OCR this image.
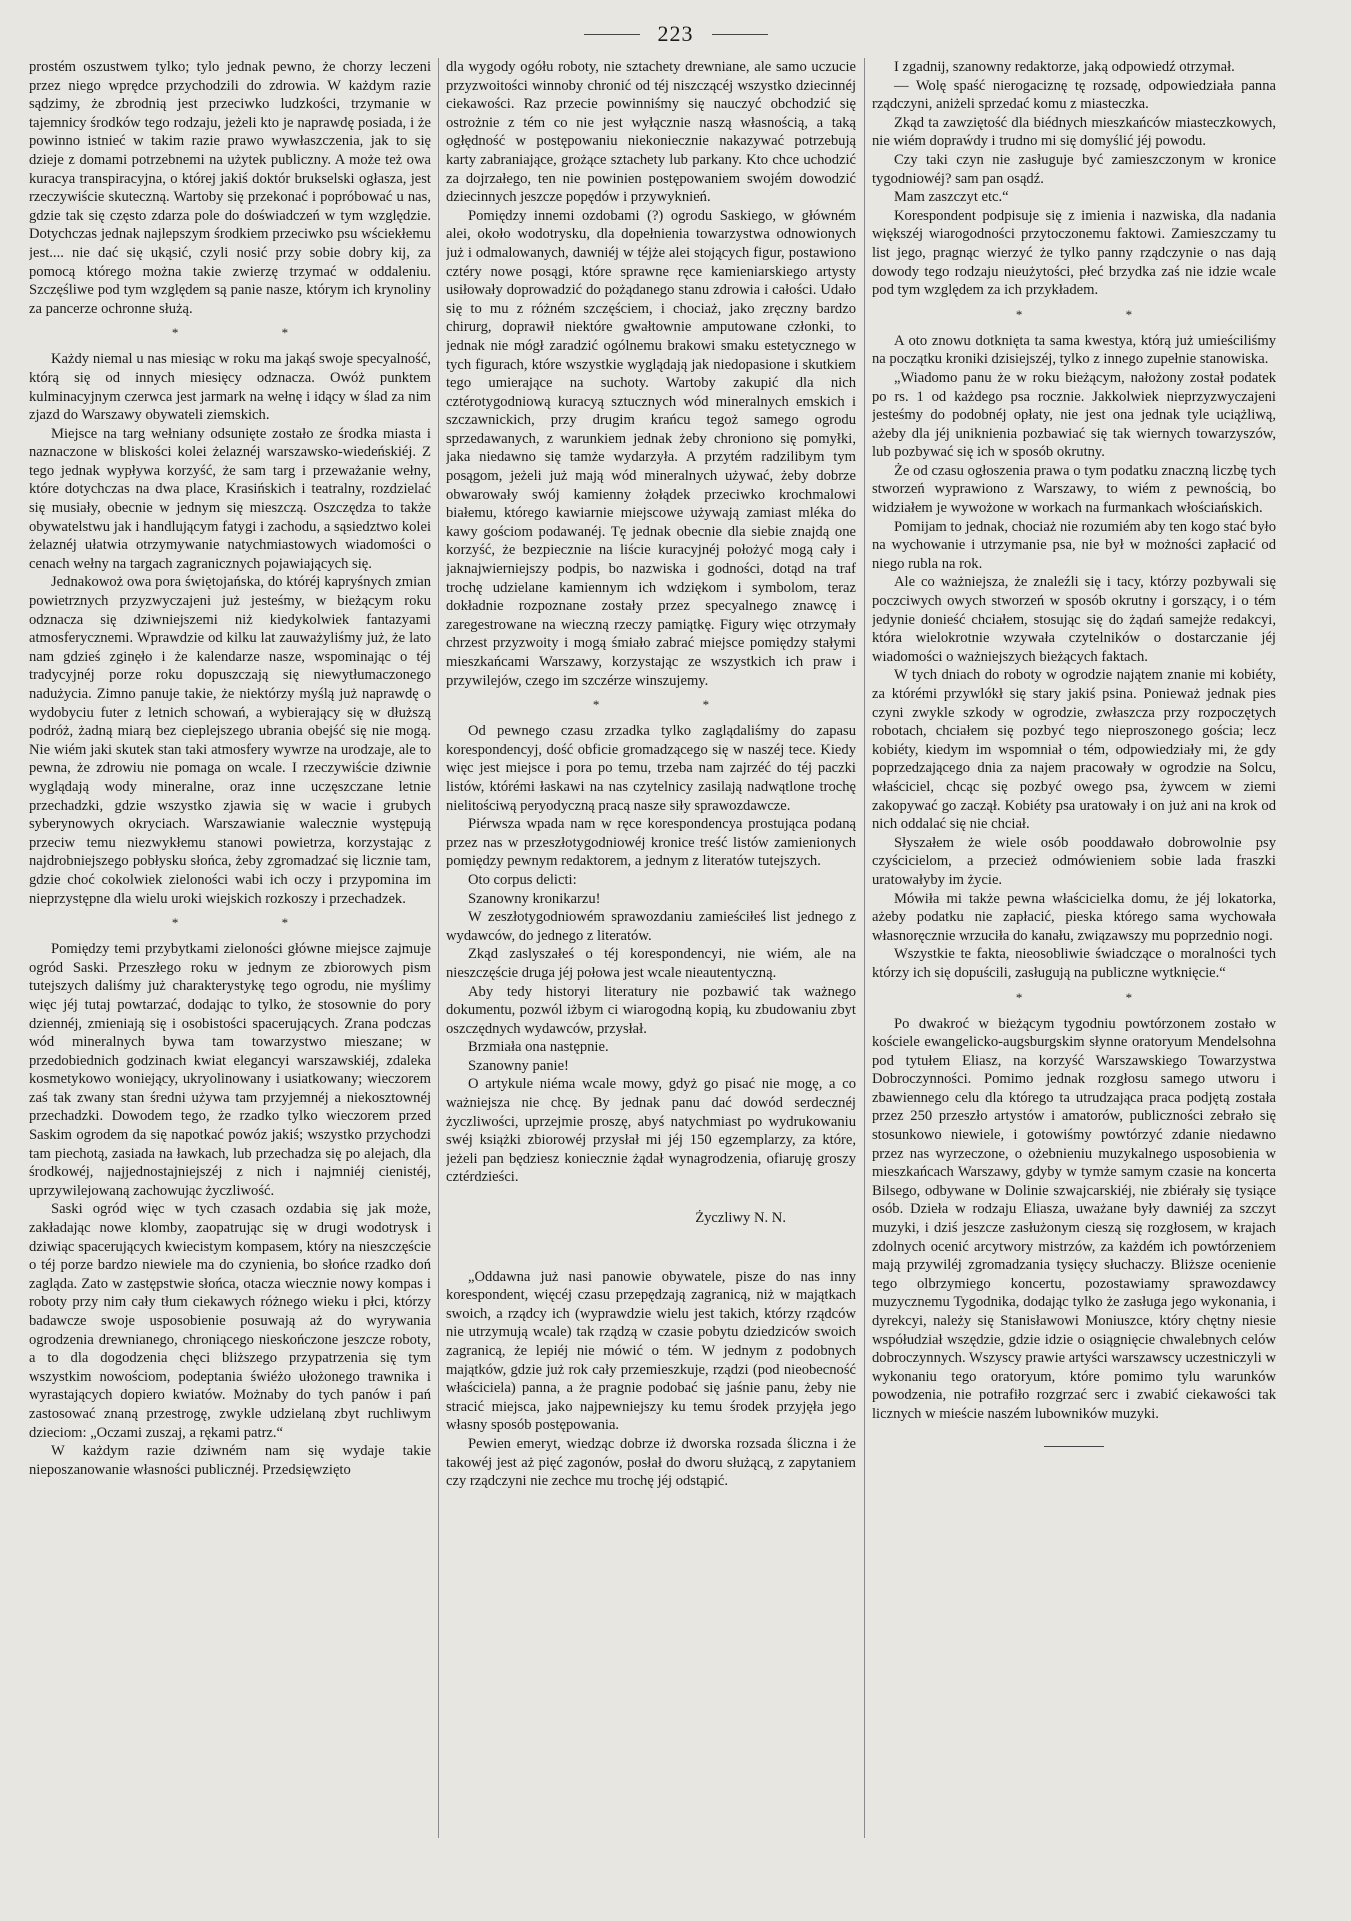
223

prostém oszustwem tylko; tylo jednak pewno, że chorzy leczeni przez niego wprędce przychodzili do zdrowia. W każdym razie sądzimy, że zbrodnią jest przeciwko ludzkości, trzymanie w tajemnicy środków tego rodzaju, jeżeli kto je naprawdę posiada, i że powinno istnieć w takim razie prawo wywłaszczenia, jak to się dzieje z domami potrzebnemi na użytek publiczny. A może też owa kuracya transpiracyjna, o której jakiś doktór brukselski ogłasza, jest rzeczywiście skuteczną. Wartoby się przekonać i popróbować u nas, gdzie tak się często zdarza pole do doświadczeń w tym względzie. Dotychczas jednak najlepszym środkiem przeciwko psu wściekłemu jest.... nie dać się ukąsić, czyli nosić przy sobie dobry kij, za pomocą którego można takie zwierzę trzymać w oddaleniu. Szczęśliwe pod tym względem są panie nasze, którym ich krynoliny za pancerze ochronne służą.

* *

Każdy niemal u nas miesiąc w roku ma jakąś swoje specyalność, którą się od innych miesięcy odznacza. Owóż punktem kulminacyjnym czerwca jest jarmark na wełnę i idący w ślad za nim zjazd do Warszawy obywateli ziemskich.

Miejsce na targ wełniany odsunięte zostało ze środka miasta i naznaczone w bliskości kolei żelaznéj warszawsko-wiedeńskiéj. Z tego jednak wypływa korzyść, że sam targ i przeważanie wełny, które dotychczas na dwa place, Krasińskich i teatralny, rozdzielać się musiały, obecnie w jednym się mieszczą. Oszczędza to także obywatelstwu jak i handlującym fatygi i zachodu, a sąsiedztwo kolei żelaznéj ułatwia otrzymywanie natychmiastowych wiadomości o cenach wełny na targach zagranicznych pojawiających się.

Jednakowoż owa pora świętojańska, do któréj kapryśnych zmian powietrznych przyzwyczajeni już jesteśmy, w bieżącym roku odznacza się dziwniejszemi niż kiedykolwiek fantazyami atmosferycznemi. Wprawdzie od kilku lat zauważyliśmy już, że lato nam gdzieś zginęło i że kalendarze nasze, wspominając o téj tradycyjnéj porze roku dopuszczają się niewytłumaczonego nadużycia. Zimno panuje takie, że niektórzy myślą już naprawdę o wydobyciu futer z letnich schowań, a wybierający się w dłuższą podróż, żadną miarą bez cieplejszego ubrania obejść się nie mogą. Nie wiém jaki skutek stan taki atmosfery wywrze na urodzaje, ale to pewna, że zdrowiu nie pomaga on wcale. I rzeczywiście dziwnie wyglądają wody mineralne, oraz inne uczęszczane letnie przechadzki, gdzie wszystko zjawia się w wacie i grubych syberynowych okryciach. Warszawianie walecznie występują przeciw temu niezwykłemu stanowi powietrza, korzystając z najdrobniejszego pobłysku słońca, żeby zgromadzać się licznie tam, gdzie choć cokolwiek zieloności wabi ich oczy i przypomina im nieprzystępne dla wielu uroki wiejskich rozkoszy i przechadzek.

* *

Pomiędzy temi przybytkami zieloności główne miejsce zajmuje ogród Saski. Przeszłego roku w jednym ze zbiorowych pism tutejszych daliśmy już charakterystykę tego ogrodu, nie myślimy więc jéj tutaj powtarzać, dodając to tylko, że stosownie do pory dziennéj, zmieniają się i osobistości spacerujących. Zrana podczas wód mineralnych bywa tam towarzystwo mieszane; w przedobiednich godzinach kwiat elegancyi warszawskiéj, zdaleka kosmetykowo woniejący, ukryolinowany i usiatkowany; wieczorem zaś tak zwany stan średni używa tam przyjemnéj a niekosztownéj przechadzki. Dowodem tego, że rzadko tylko wieczorem przed Saskim ogrodem da się napotkać powóz jakiś; wszystko przychodzi tam piechotą, zasiada na ławkach, lub przechadza się po alejach, dla środkowéj, najjednostajniejszéj z nich i najmniéj cienistéj, uprzywilejowaną zachowując życzliwość.

Saski ogród więc w tych czasach ozdabia się jak może, zakładając nowe klomby, zaopatrując się w drugi wodotrysk i dziwiąc spacerujących kwiecistym kompasem, który na nieszczęście o téj porze bardzo niewiele ma do czynienia, bo słońce rzadko doń zagląda. Zato w zastępstwie słońca, otacza wiecznie nowy kompas i roboty przy nim cały tłum ciekawych różnego wieku i płci, którzy badawcze swoje usposobienie posuwają aż do wyrywania ogrodzenia drewnianego, chroniącego nieskończone jeszcze roboty, a to dla dogodzenia chęci bliższego przypatrzenia się tym wszystkim nowościom, podeptania świéżo ułożonego trawnika i wyrastających dopiero kwiatów. Możnaby do tych panów i pań zastosować znaną przestrogę, zwykle udzielaną zbyt ruchliwym dzieciom: „Oczami zuszaj, a rękami patrz.“

W każdym razie dziwném nam się wydaje takie nieposzanowanie własności publicznéj. Przedsięwzięto

dla wygody ogółu roboty, nie sztachety drewniane, ale samo uczucie przyzwoitości winnoby chronić od téj niszczącéj wszystko dziecinnéj ciekawości. Raz przecie powinniśmy się nauczyć obchodzić się ostrożnie z tém co nie jest wyłącznie naszą własnością, a taką ogłędność w postępowaniu niekoniecznie nakazywać potrzebują karty zabraniające, grożące sztachety lub parkany. Kto chce uchodzić za dojrzałego, ten nie powinien postępowaniem swojém dowodzić dziecinnych jeszcze popędów i przywyknień.

Pomiędzy innemi ozdobami (?) ogrodu Saskiego, w główném alei, około wodotrysku, dla dopełnienia towarzystwa odnowionych już i odmalowanych, dawniéj w téjże alei stojących figur, postawiono cztéry nowe posągi, które sprawne ręce kamieniarskiego artysty usiłowały doprowadzić do pożądanego stanu zdrowia i całości. Udało się to mu z różném szczęściem, i chociaż, jako zręczny bardzo chirurg, doprawił niektóre gwałtownie amputowane członki, to jednak nie mógł zaradzić ogólnemu brakowi smaku estetycznego w tych figurach, które wszystkie wyglądają jak niedopasione i skutkiem tego umierające na suchoty. Wartoby zakupić dla nich cztérotygodniową kuracyą sztucznych wód mineralnych emskich i szczawnickich, przy drugim krańcu tegoż samego ogrodu sprzedawanych, z warunkiem jednak żeby chroniono się pomyłki, jaka niedawno się tamże wydarzyła. A przytém radzilibym tym posągom, jeżeli już mają wód mineralnych używać, żeby dobrze obwarowały swój kamienny żołądek przeciwko krochmalowi białemu, którego kawiarnie miejscowe używają zamiast mléka do kawy gościom podawanéj. Tę jednak obecnie dla siebie znajdą one korzyść, że bezpiecznie na liście kuracyjnéj położyć mogą cały i jaknajwierniejszy podpis, bo nazwiska i godności, dotąd na traf trochę udzielane kamiennym ich wdziękom i symbolom, teraz dokładnie rozpoznane zostały przez specyalnego znawcę i zaregestrowane na wieczną rzeczy pamiątkę. Figury więc otrzymały chrzest przyzwoity i mogą śmiało zabrać miejsce pomiędzy stałymi mieszkańcami Warszawy, korzystając ze wszystkich ich praw i przywilejów, czego im szczérze winszujemy.

* *

Od pewnego czasu zrzadka tylko zaglądaliśmy do zapasu korespondencyj, dość obficie gromadzącego się w naszéj tece. Kiedy więc jest miejsce i pora po temu, trzeba nam zajrzéć do téj paczki listów, którémi łaskawi na nas czytelnicy zasilają nadwątlone trochę nielitościwą peryodyczną pracą nasze siły sprawozdawcze.

Piérwsza wpada nam w ręce korespondencya prostująca podaną przez nas w przeszłotygodniowéj kronice treść listów zamienionych pomiędzy pewnym redaktorem, a jednym z literatów tutejszych.

Oto corpus delicti:

Szanowny kronikarzu!

W zeszłotygodniowém sprawozdaniu zamieściłeś list jednego z wydawców, do jednego z literatów.

Zkąd zaslyszałeś o téj korespondencyi, nie wiém, ale na nieszczęście druga jéj połowa jest wcale nieautentyczną.

Aby tedy historyi literatury nie pozbawić tak ważnego dokumentu, pozwól iżbym ci wiarogodną kopią, ku zbudowaniu zbyt oszczędnych wydawców, przysłał.

Brzmiała ona następnie.

Szanowny panie!

O artykule niéma wcale mowy, gdyż go pisać nie mogę, a co ważniejsza nie chcę. By jednak panu dać dowód serdecznéj życzliwości, uprzejmie proszę, abyś natychmiast po wydrukowaniu swéj książki zbiorowéj przysłał mi jéj 150 egzemplarzy, za które, jeżeli pan będziesz koniecznie żądał wynagrodzenia, ofiaruję groszy cztérdzieści.

Życzliwy N. N.

„Oddawna już nasi panowie obywatele, pisze do nas inny korespondent, więcéj czasu przepędzają zagranicą, niż w majątkach swoich, a rządcy ich (wyprawdzie wielu jest takich, którzy rządców nie utrzymują wcale) tak rządzą w czasie pobytu dziedziców swoich zagranicą, że lepiéj nie mówić o tém. W jednym z podobnych majątków, gdzie już rok cały przemieszkuje, rządzi (pod nieobecność właściciela) panna, a że pragnie podobać się jaśnie panu, żeby nie stracić miejsca, jako najpewniejszy ku temu środek przyjęła jego własny sposób postępowania.

Pewien emeryt, wiedząc dobrze iż dworska rozsada śliczna i że takowéj jest aż pięć zagonów, posłał do dworu służącą, z zapytaniem czy rządczyni nie zechce mu trochę jéj odstąpić.

I zgadnij, szanowny redaktorze, jaką odpowiedź otrzymał.

— Wolę spaść nierogaciznę tę rozsadę, odpowiedziała panna rządczyni, aniżeli sprzedać komu z miasteczka.

Zkąd ta zawziętość dla biédnych mieszkańców miasteczkowych, nie wiém dopraẃdy i trudno mi się domyślić jéj powodu.

Czy taki czyn nie zasługuje być zamieszczonym w kronice tygodniowéj? sam pan osądź.

Mam zaszczyt etc.“

Korespondent podpisuje się z imienia i nazwiska, dla nadania większéj wiarogodności przytoczonemu faktowi. Zamieszczamy tu list jego, pragnąc wierzyć że tylko panny rządczynie o nas dają dowody tego rodzaju nieużytości, płeć brzydka zaś nie idzie wcale pod tym względem za ich przykładem.

* *

A oto znowu dotknięta ta sama kwestya, którą już umieściliśmy na początku kroniki dzisiejszéj, tylko z innego zupełnie stanowiska.

„Wiadomo panu że w roku bieżącym, nałożony został podatek po rs. 1 od każdego psa rocznie. Jakkolwiek nieprzyzwyczajeni jesteśmy do podobnéj opłaty, nie jest ona jednak tyle uciążliwą, ażeby dla jéj uniknienia pozbawiać się tak wiernych towarzyszów, lub pozbywać się ich w sposób okrutny.

Że od czasu ogłoszenia prawa o tym podatku znaczną liczbę tych stworzeń wyprawiono z Warszawy, to wiém z pewnością, bo widziałem je wywożone w workach na furmankach włościańskich.

Pomijam to jednak, chociaż nie rozumiém aby ten kogo stać było na wychowanie i utrzymanie psa, nie był w możności zapłacić od niego rubla na rok.

Ale co ważniejsza, że znaleźli się i tacy, którzy pozbywali się poczciwych owych stworzeń w sposób okrutny i gorszący, i o tém jedynie donieść chciałem, stosując się do żądań samejże redakcyi, która wielokrotnie wzywała czytelników o dostarczanie jéj wiadomości o ważniejszych bieżących faktach.

W tych dniach do roboty w ogrodzie najątem znanie mi kobiéty, za którémi przywlókł się stary jakiś psina. Ponieważ jednak pies czyni zwykle szkody w ogrodzie, zwłaszcza przy rozpoczętych robotach, chciałem się pozbyć tego nieproszonego gościa; lecz kobiéty, kiedym im wspomniał o tém, odpowiedziały mi, że gdy poprzedzającego dnia za najem pracowały w ogrodzie na Solcu, właściciel, chcąc się pozbyć owego psa, żywcem w ziemi zakopywać go zaczął. Kobiéty psa uratowały i on już ani na krok od nich oddalać się nie chciał.

Słyszałem że wiele osób pooddawało dobrowolnie psy czyścicielom, a przecież odmówieniem sobie lada fraszki uratowałyby im życie.

Mówiła mi także pewna właścicielka domu, że jéj lokatorka, ażeby podatku nie zapłacić, pieska którego sama wychowała własnoręcznie wrzuciła do kanału, związawszy mu poprzednio nogi.

Wszystkie te fakta, nieosobliwie świadczące o moralności tych którzy ich się dopuścili, zasługują na publiczne wytknięcie.“

* *

Po dwakroć w bieżącym tygodniu powtórzonem zostało w kościele ewangelicko-augsburgskim słynne oratoryum Mendelsohna pod tytułem Eliasz, na korzyść Warszawskiego Towarzystwa Dobroczynności. Pomimo jednak rozgłosu samego utworu i zbawiennego celu dla którego ta utrudzająca praca podjętą została przez 250 przeszło artystów i amatorów, publiczności zebrało się stosunkowo niewiele, i gotowiśmy powtórzyć zdanie niedawno przez nas wyrzeczone, o ożebnieniu muzykalnego usposobienia w mieszkańcach Warszawy, gdyby w tymże samym czasie na koncerta Bilsego, odbywane w Dolinie szwajcarskiéj, nie zbiérały się tysiące osób. Dzieła w rodzaju Eliasza, uważane były dawniéj za szczyt muzyki, i dziś jeszcze zasłużonym cieszą się rozgłosem, w krajach zdolnych ocenić arcytwory mistrzów, za każdém ich powtórzeniem mają przywiléj zgromadzania tysięcy słuchaczy. Bliższe ocenienie tego olbrzymiego koncertu, pozostawiamy sprawozdawcy muzycznemu Tygodnika, dodając tylko że zasługa jego wykonania, i dyrekcyi, należy się Stanisławowi Moniuszce, który chętny niesie współudział wszędzie, gdzie idzie o osiągnięcie chwalebnych celów dobroczynnych. Wszyscy prawie artyści warszawscy uczestniczyli w wykonaniu tego oratoryum, które pomimo tylu warunków powodzenia, nie potrafiło rozgrzać serc i zwabić ciekawości tak licznych w mieście naszém lubowników muzyki.
